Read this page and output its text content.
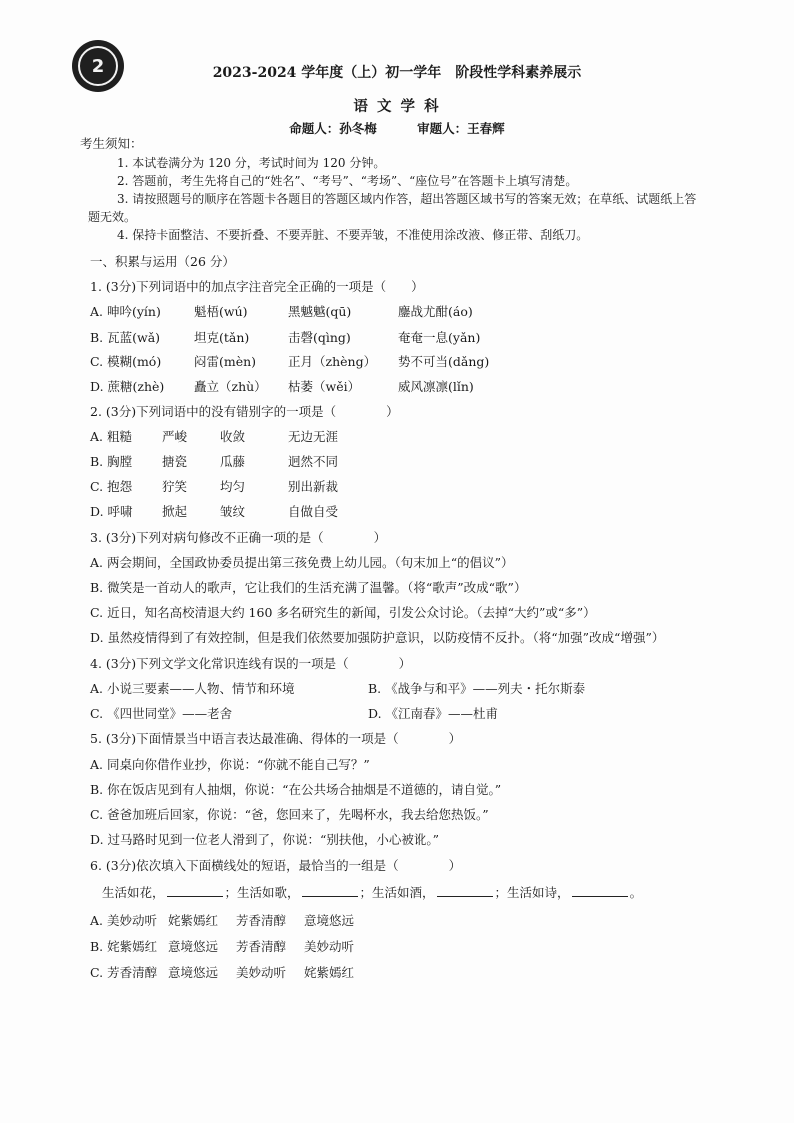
2	2023-2024 学年度（上）初一学年　阶段性学科素养展示
语 文 学 科
命题人：孙冬梅	审题人：王春辉
考生须知：
1. 本试卷满分为 120 分，考试时间为 120 分钟。
2. 答题前，考生先将自己的“姓名”、“考号”、“考场”、“座位号”在答题卡上填写清楚。
3. 请按照题号的顺序在答题卡各题目的答题区域内作答，超出答题区域书写的答案无效；在草纸、试题纸上答
题无效。
4. 保持卡面整洁、不要折叠、不要弄脏、不要弄皱，不准使用涂改液、修正带、刮纸刀。
一、积累与运用（26 分）
1. (3分)下列词语中的加点字注音完全正确的一项是（　　）
A. 呻吟(yín)	魁梧(wú)	黑魆魆(qū)	鏖战尤酣(áo)
B. 瓦蓝(wǎ)	坦克(tǎn)	击磬(qìng)	奄奄一息(yǎn)
C. 模糊(mó)	闷雷(mèn)	正月（zhèng） 势不可当(dǎng)
D. 蔗糖(zhè) 矗立（zhù） 枯萎（wěi）	威风凛凛(lǐn)
2. (3分)下列词语中的没有错别字的一项是（　　　　）
A. 粗糙 严峻	收敛	无边无涯
B. 胸膛 搪瓷	瓜藤	迥然不同
C. 抱怨 狞笑	均匀	别出新裁
D. 呼啸 掀起	皱纹	自做自受
3. (3分)下列对病句修改不正确一项的是（　　　　）
A. 两会期间，全国政协委员提出第三孩免费上幼儿园。（句末加上“的倡议”）
B. 微笑是一首动人的歌声，它让我们的生活充满了温馨。（将“歌声”改成“歌”）
C. 近日，知名高校清退大约 160 多名研究生的新闻，引发公众讨论。（去掉“大约”或“多”）
D. 虽然疫情得到了有效控制，但是我们依然要加强防护意识，以防疫情不反扑。（将“加强”改成“增强”）
4. (3分)下列文学文化常识连线有误的一项是（　　　　）
A. 小说三要素——人物、情节和环境	B. 《战争与和平》——列夫・托尔斯泰
C. 《四世同堂》——老舍	D. 《江南春》——杜甫
5. (3分)下面情景当中语言表达最准确、得体的一项是（　　　　）
A. 同桌向你借作业抄，你说：“你就不能自己写？”
B. 你在饭店见到有人抽烟，你说：“在公共场合抽烟是不道德的，请自觉。”
C. 爸爸加班后回家，你说：“爸，您回来了，先喝杯水，我去给您热饭。”
D. 过马路时见到一位老人滑到了，你说：“别扶他，小心被讹。”
6. (3分)依次填入下面横线处的短语，最恰当的一组是（　　　　）
生活如花，	；生活如歌，	；生活如酒，	；生活如诗，	。
A. 美妙动听 姹紫嫣红 芳香清醇 意境悠远
B. 姹紫嫣红 意境悠远 芳香清醇 美妙动听
C. 芳香清醇 意境悠远 美妙动听 姹紫嫣红
